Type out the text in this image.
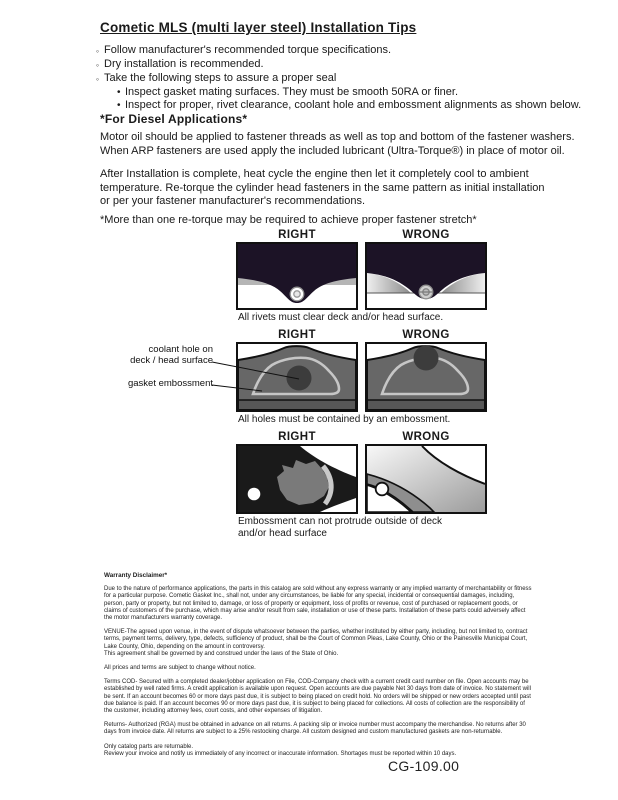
Cometic MLS (multi layer steel) Installation Tips
◦ Follow manufacturer's recommended torque specifications.
◦ Dry installation is recommended.
◦ Take the following steps to assure a proper seal
• Inspect gasket mating surfaces. They must be smooth 50RA or finer.
• Inspect for proper, rivet clearance, coolant hole and embossment alignments as shown below.
*For Diesel Applications*
Motor oil should be applied to fastener threads as well as top and bottom of the fastener washers.
When ARP fasteners are used apply the included lubricant (Ultra-Torque®) in place of motor oil.
After Installation is complete, heat cycle the engine then let it completely cool to ambient
temperature. Re-torque the cylinder head fasteners in the same pattern as initial installation
or per your fastener manufacturer's recommendations.
*More than one re-torque may be required to achieve proper fastener stretch*
RIGHT	WRONG
All rivets must clear deck and/or head surface.
RIGHT	WRONG
coolant hole on
deck / head surface
gasket embossment
All holes must be contained by an embossment.
RIGHT	WRONG
Embossment can not protrude outside of deck
and/or head surface
Warranty Disclaimer*

Due to the nature of performance applications, the parts in this catalog are sold without any express warranty or any implied warranty of merchantability or fitness for a particular purpose. Cometic Gasket Inc., shall not, under any circumstances, be liable for any special, incidental or consequential damages, including, person, party or property, but not limited to, damage, or loss of property or equipment, loss of profits or revenue, cost of purchased or replacement goods, or claims of customers of the purchase, which may arise and/or result from sale, installation or use of these parts. Installation of these parts could adversely affect the motor manufacturers warranty coverage.

VENUE-The agreed upon venue, in the event of dispute whatsoever between the parties, whether instituted by either party, including, but not limited to, contract terms, payment terms, delivery, type, defects, sufficiency of product, shall be the Court of Common Pleas, Lake County, Ohio or the Painesville Municipal Court, Lake County, Ohio, depending on the amount in controversy.
This agreement shall be governed by and construed under the laws of the State of Ohio.

All prices and terms are subject to change without notice.

Terms COD- Secured with a completed dealer/jobber application on File, COD-Company check with a current credit card number on file. Open accounts may be established by well rated firms. A credit application is available upon request. Open accounts are due payable Net 30 days from date of invoice. No statement will be sent. If an account becomes 60 or more days past due, it is subject to being placed on credit hold. No orders will be shipped or new orders accepted until past due balance is paid. If an account becomes 90 or more days past due, it is subject to being placed for collections. All costs of collection are the responsibility of the customer, including attorney fees, court costs, and other expenses of litigation.

Returns- Authorized (RGA) must be obtained in advance on all returns. A packing slip or invoice number must accompany the merchandise. No returns after 30 days from invoice date. All returns are subject to a 25% restocking charge. All custom designed and custom manufactured gaskets are non-returnable.

Only catalog parts are returnable.
Review your invoice and notify us immediately of any incorrect or inaccurate information. Shortages must be reported within 10 days.

CG-109.00
